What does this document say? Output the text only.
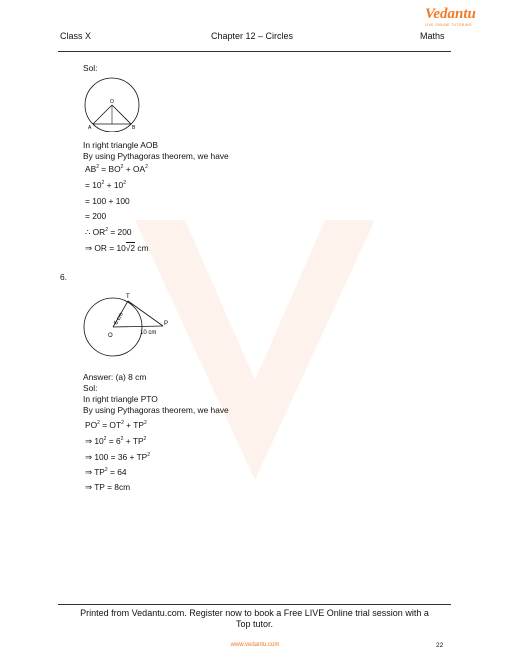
Vedantu
LIVE ONLINE TUTORING
Class X	Chapter 12 – Circles	Maths
Sol:
O
A	B
In right triangle AOB
By using Pythagoras theorem, we have
$AB^2 = BO^2 + OA^2$
= $10^2 + 10^2$
= 100 + 100
= 200
∴ $OR^2 = 200$
⇒ OR = 10√2 cm
6.
T
O
P
6 cm
10 cm
Answer: (a) 8 cm
Sol:
In right triangle PTO
By using Pythagoras theorem, we have
$PO^2 = OT^2 + TP^2$
⇒ $10^2 = 6^2 + TP^2$
⇒ $100 = 36 + TP^2$
⇒ $TP^2 = 64$
⇒ TP = 8cm
Printed from Vedantu.com. Register now to book a Free LIVE Online trial session with a
Top tutor.
www.vedantu.com	22
